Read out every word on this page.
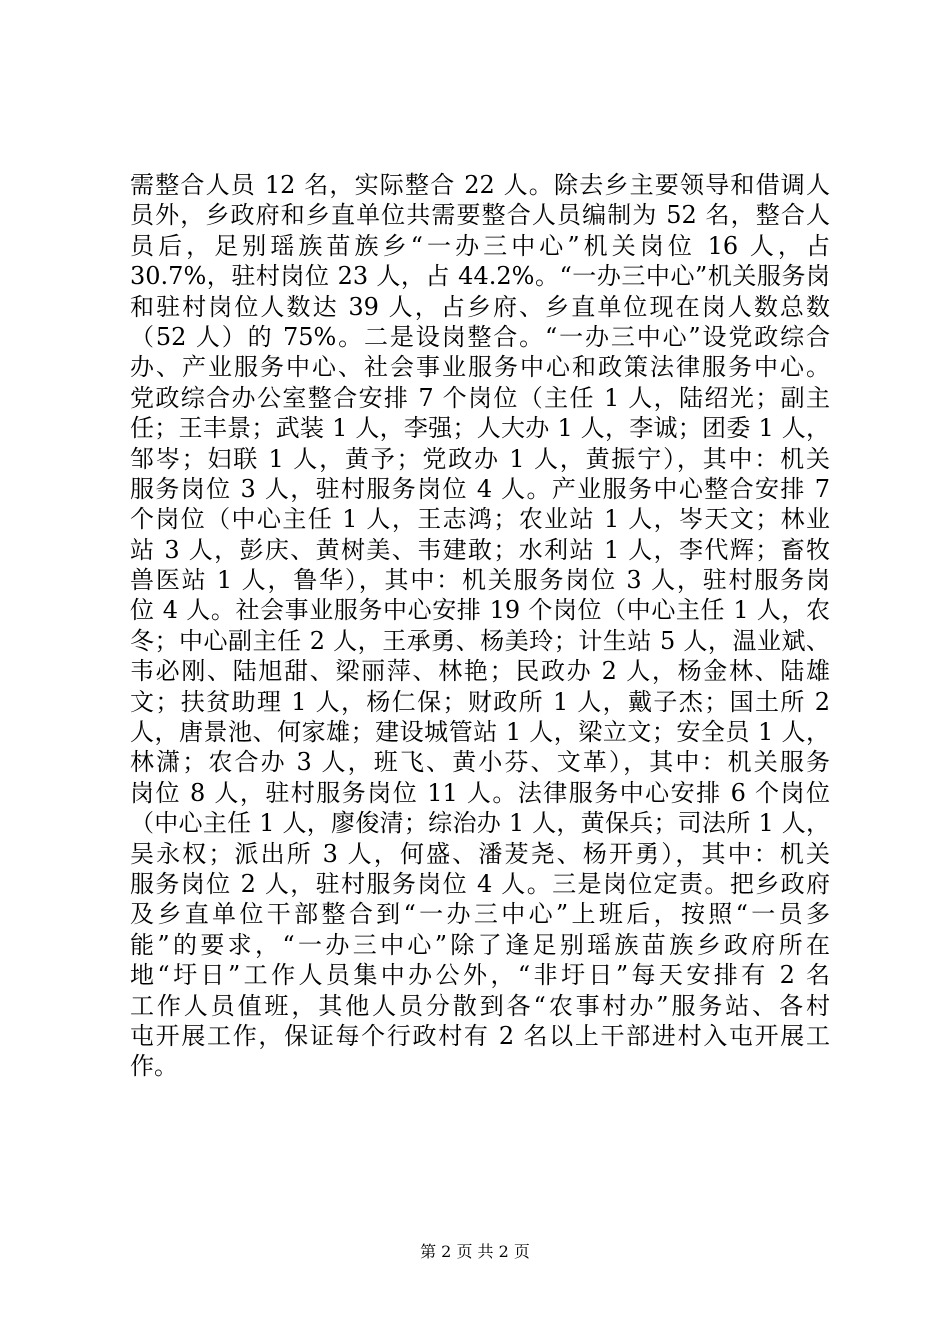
需整合人员 12 名，实际整合 22 人。除去乡主要领导和借调人
员外，乡政府和乡直单位共需要整合人员编制为 52 名，整合人
员后，足别瑶族苗族乡“一办三中心”机关岗位 16 人，占
30.7%，驻村岗位 23 人，占 44.2%。“一办三中心”机关服务岗
和驻村岗位人数达 39 人，占乡府、乡直单位现在岗人数总数
（52 人）的 75%。二是设岗整合。“一办三中心”设党政综合
办、产业服务中心、社会事业服务中心和政策法律服务中心。
党政综合办公室整合安排 7 个岗位（主任 1 人，陆绍光；副主
任；王丰景；武装 1 人，李强；人大办 1 人，李诚；团委 1 人，
邹岑；妇联 1 人，黄予；党政办 1 人，黄振宁），其中：机关
服务岗位 3 人，驻村服务岗位 4 人。产业服务中心整合安排 7
个岗位（中心主任 1 人，王志鸿；农业站 1 人，岑天文；林业
站 3 人，彭庆、黄树美、韦建敢；水利站 1 人，李代辉；畜牧
兽医站 1 人，鲁华），其中：机关服务岗位 3 人，驻村服务岗
位 4 人。社会事业服务中心安排 19 个岗位（中心主任 1 人，农
冬；中心副主任 2 人，王承勇、杨美玲；计生站 5 人，温业斌、
韦必刚、陆旭甜、梁丽萍、林艳；民政办 2 人，杨金林、陆雄
文；扶贫助理 1 人，杨仁保；财政所 1 人，戴子杰；国土所 2
人，唐景池、何家雄；建设城管站 1 人，梁立文；安全员 1 人，
林潇；农合办 3 人，班飞、黄小芬、文革），其中：机关服务
岗位 8 人，驻村服务岗位 11 人。法律服务中心安排 6 个岗位
（中心主任 1 人，廖俊清；综治办 1 人，黄保兵；司法所 1 人，
吴永权；派出所 3 人，何盛、潘茇尧、杨开勇），其中：机关
服务岗位 2 人，驻村服务岗位 4 人。三是岗位定责。把乡政府
及乡直单位干部整合到“一办三中心”上班后，按照“一员多
能”的要求，“一办三中心”除了逢足别瑶族苗族乡政府所在
地“圩日”工作人员集中办公外，“非圩日”每天安排有 2 名
工作人员值班，其他人员分散到各“农事村办”服务站、各村
屯开展工作，保证每个行政村有 2 名以上干部进村入屯开展工
作。
第 2 页 共 2 页
